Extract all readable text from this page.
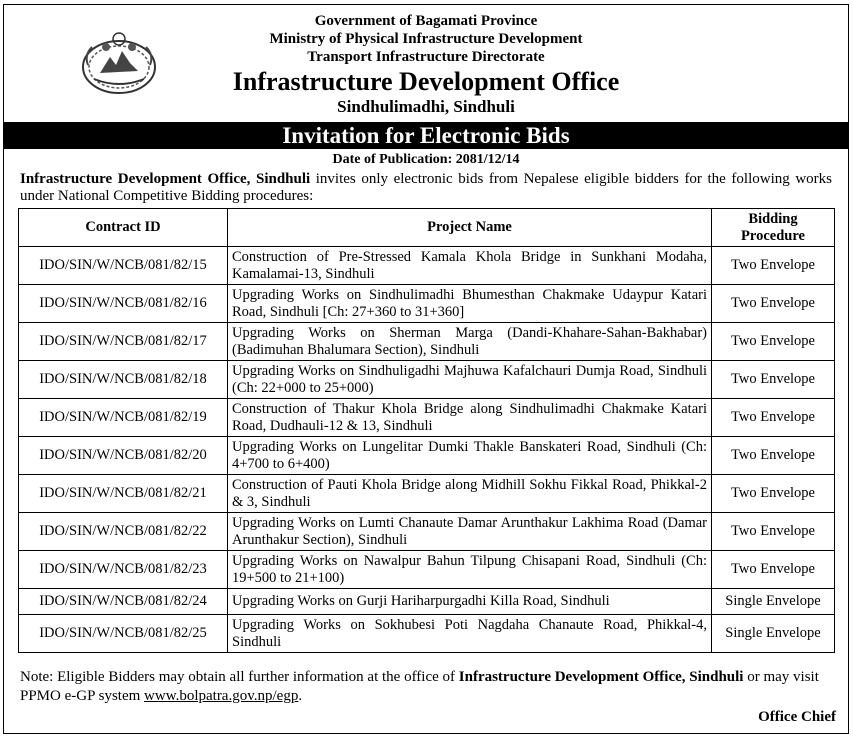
Government of Bagamati Province
Ministry of Physical Infrastructure Development
Transport Infrastructure Directorate
Infrastructure Development Office
Sindhulimadhi, Sindhuli
Invitation for Electronic Bids
Date of Publication: 2081/12/14
Infrastructure Development Office, Sindhuli invites only electronic bids from Nepalese eligible bidders for the following works under National Competitive Bidding procedures:
Contract ID	Project Name	Bidding Procedure
IDO/SIN/W/NCB/081/82/15	Construction of Pre-Stressed Kamala Khola Bridge in Sunkhani Modaha, Kamalamai-13, Sindhuli	Two Envelope
IDO/SIN/W/NCB/081/82/16	Upgrading Works on Sindhulimadhi Bhumesthan Chakmake Udaypur Katari Road, Sindhuli [Ch: 27+360 to 31+360]	Two Envelope
IDO/SIN/W/NCB/081/82/17	Upgrading Works on Sherman Marga (Dandi-Khahare-Sahan-Bakhabar) (Badimuhan Bhalumara Section), Sindhuli	Two Envelope
IDO/SIN/W/NCB/081/82/18	Upgrading Works on Sindhuligadhi Majhuwa Kafalchauri Dumja Road, Sindhuli (Ch: 22+000 to 25+000)	Two Envelope
IDO/SIN/W/NCB/081/82/19	Construction of Thakur Khola Bridge along Sindhulimadhi Chakmake Katari Road, Dudhauli-12 & 13, Sindhuli	Two Envelope
IDO/SIN/W/NCB/081/82/20	Upgrading Works on Lungelitar Dumki Thakle Banskateri Road, Sindhuli (Ch: 4+700 to 6+400)	Two Envelope
IDO/SIN/W/NCB/081/82/21	Construction of Pauti Khola Bridge along Midhill Sokhu Fikkal Road, Phikkal-2 & 3, Sindhuli	Two Envelope
IDO/SIN/W/NCB/081/82/22	Upgrading Works on Lumti Chanaute Damar Arunthakur Lakhima Road (Damar Arunthakur Section), Sindhuli	Two Envelope
IDO/SIN/W/NCB/081/82/23	Upgrading Works on Nawalpur Bahun Tilpung Chisapani Road, Sindhuli (Ch: 19+500 to 21+100)	Two Envelope
IDO/SIN/W/NCB/081/82/24	Upgrading Works on Gurji Hariharpurgadhi Killa Road, Sindhuli	Single Envelope
IDO/SIN/W/NCB/081/82/25	Upgrading Works on Sokhubesi Poti Nagdaha Chanaute Road, Phikkal-4, Sindhuli	Single Envelope
Note: Eligible Bidders may obtain all further information at the office of Infrastructure Development Office, Sindhuli or may visit PPMO e-GP system www.bolpatra.gov.np/egp.
Office Chief
